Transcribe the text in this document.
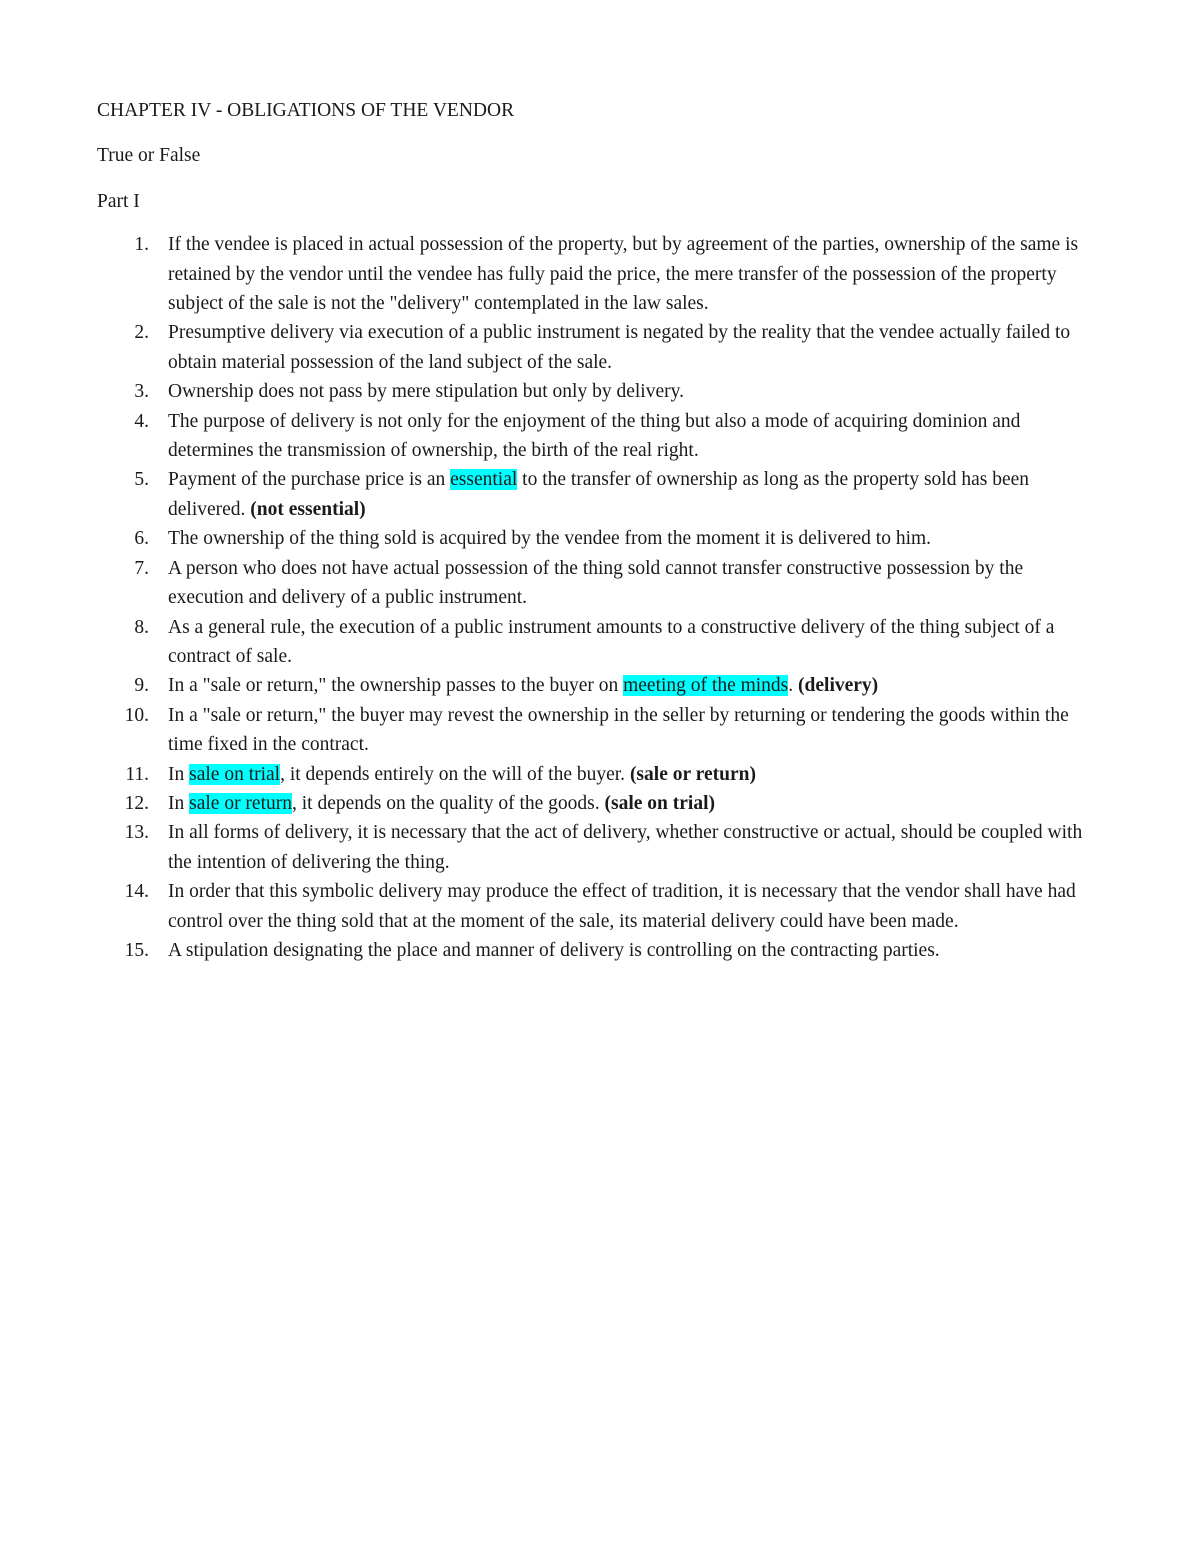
CHAPTER IV - OBLIGATIONS OF THE VENDOR
True or False
Part I
1. If the vendee is placed in actual possession of the property, but by agreement of the parties, ownership of the same is retained by the vendor until the vendee has fully paid the price, the mere transfer of the possession of the property subject of the sale is not the "delivery" contemplated in the law sales.
2. Presumptive delivery via execution of a public instrument is negated by the reality that the vendee actually failed to obtain material possession of the land subject of the sale.
3. Ownership does not pass by mere stipulation but only by delivery.
4. The purpose of delivery is not only for the enjoyment of the thing but also a mode of acquiring dominion and determines the transmission of ownership, the birth of the real right.
5. Payment of the purchase price is an essential to the transfer of ownership as long as the property sold has been delivered. (not essential)
6. The ownership of the thing sold is acquired by the vendee from the moment it is delivered to him.
7. A person who does not have actual possession of the thing sold cannot transfer constructive possession by the execution and delivery of a public instrument.
8. As a general rule, the execution of a public instrument amounts to a constructive delivery of the thing subject of a contract of sale.
9. In a "sale or return," the ownership passes to the buyer on meeting of the minds. (delivery)
10. In a "sale or return," the buyer may revest the ownership in the seller by returning or tendering the goods within the time fixed in the contract.
11. In sale on trial, it depends entirely on the will of the buyer. (sale or return)
12. In sale or return, it depends on the quality of the goods. (sale on trial)
13. In all forms of delivery, it is necessary that the act of delivery, whether constructive or actual, should be coupled with the intention of delivering the thing.
14. In order that this symbolic delivery may produce the effect of tradition, it is necessary that the vendor shall have had control over the thing sold that at the moment of the sale, its material delivery could have been made.
15. A stipulation designating the place and manner of delivery is controlling on the contracting parties.
